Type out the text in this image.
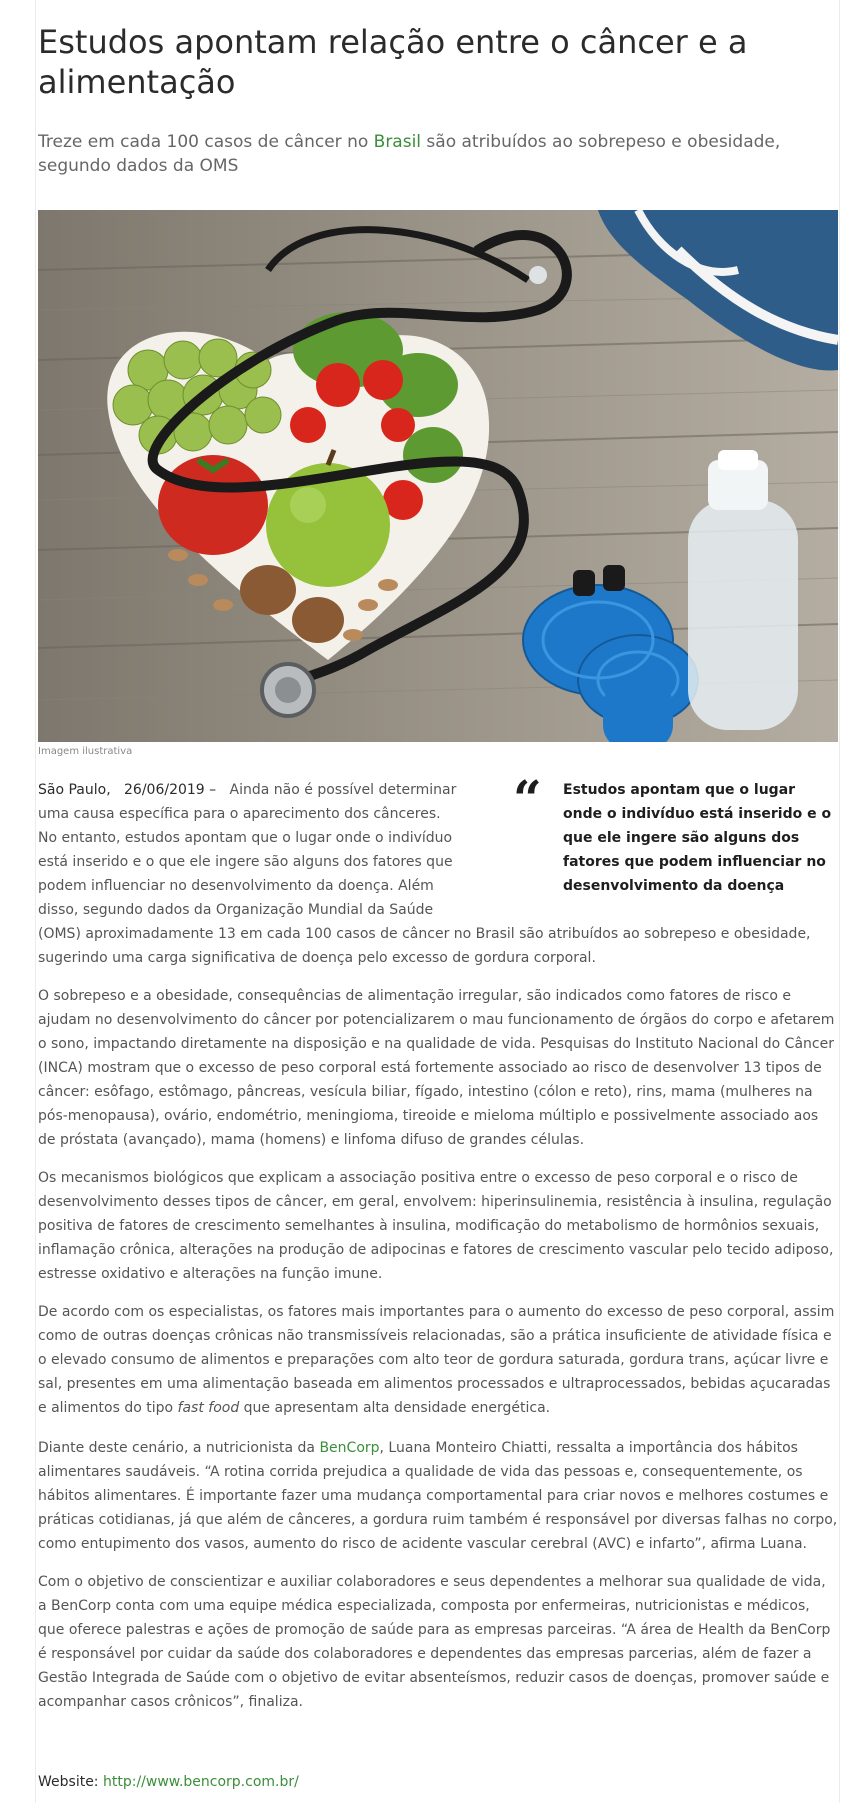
Estudos apontam relação entre o câncer e a alimentação

Treze em cada 100 casos de câncer no Brasil são atribuídos ao sobrepeso e obesidade, segundo dados da OMS

Imagem ilustrativa

“ Estudos apontam que o lugar onde o indivíduo está inserido e o que ele ingere são alguns dos fatores que podem influenciar no desenvolvimento da doença

São Paulo, 26/06/2019 – Ainda não é possível determinar uma causa específica para o aparecimento dos cânceres. No entanto, estudos apontam que o lugar onde o indivíduo está inserido e o que ele ingere são alguns dos fatores que podem influenciar no desenvolvimento da doença. Além disso, segundo dados da Organização Mundial da Saúde
(OMS) aproximadamente 13 em cada 100 casos de câncer no Brasil são atribuídos ao sobrepeso e obesidade, sugerindo uma carga significativa de doença pelo excesso de gordura corporal.

O sobrepeso e a obesidade, consequências de alimentação irregular, são indicados como fatores de risco e ajudam no desenvolvimento do câncer por potencializarem o mau funcionamento de órgãos do corpo e afetarem o sono, impactando diretamente na disposição e na qualidade de vida. Pesquisas do Instituto Nacional do Câncer (INCA) mostram que o excesso de peso corporal está fortemente associado ao risco de desenvolver 13 tipos de câncer: esôfago, estômago, pâncreas, vesícula biliar, fígado, intestino (cólon e reto), rins, mama (mulheres na pós-menopausa), ovário, endométrio, meningioma, tireoide e mieloma múltiplo e possivelmente associado aos de próstata (avançado), mama (homens) e linfoma difuso de grandes células.

Os mecanismos biológicos que explicam a associação positiva entre o excesso de peso corporal e o risco de desenvolvimento desses tipos de câncer, em geral, envolvem: hiperinsulinemia, resistência à insulina, regulação positiva de fatores de crescimento semelhantes à insulina, modificação do metabolismo de hormônios sexuais, inflamação crônica, alterações na produção de adipocinas e fatores de crescimento vascular pelo tecido adiposo, estresse oxidativo e alterações na função imune.

De acordo com os especialistas, os fatores mais importantes para o aumento do excesso de peso corporal, assim como de outras doenças crônicas não transmissíveis relacionadas, são a prática insuficiente de atividade física e o elevado consumo de alimentos e preparações com alto teor de gordura saturada, gordura trans, açúcar livre e sal, presentes em uma alimentação baseada em alimentos processados e ultraprocessados, bebidas açucaradas e alimentos do tipo fast food que apresentam alta densidade energética.

Diante deste cenário, a nutricionista da BenCorp, Luana Monteiro Chiatti, ressalta a importância dos hábitos alimentares saudáveis. “A rotina corrida prejudica a qualidade de vida das pessoas e, consequentemente, os hábitos alimentares. É importante fazer uma mudança comportamental para criar novos e melhores costumes e práticas cotidianas, já que além de cânceres, a gordura ruim também é responsável por diversas falhas no corpo, como entupimento dos vasos, aumento do risco de acidente vascular cerebral (AVC) e infarto”, afirma Luana.

Com o objetivo de conscientizar e auxiliar colaboradores e seus dependentes a melhorar sua qualidade de vida, a BenCorp conta com uma equipe médica especializada, composta por enfermeiras, nutricionistas e médicos, que oferece palestras e ações de promoção de saúde para as empresas parceiras. “A área de Health da BenCorp é responsável por cuidar da saúde dos colaboradores e dependentes das empresas parcerias, além de fazer a Gestão Integrada de Saúde com o objetivo de evitar absenteísmos, reduzir casos de doenças, promover saúde e acompanhar casos crônicos”, finaliza.

Website: http://www.bencorp.com.br/
